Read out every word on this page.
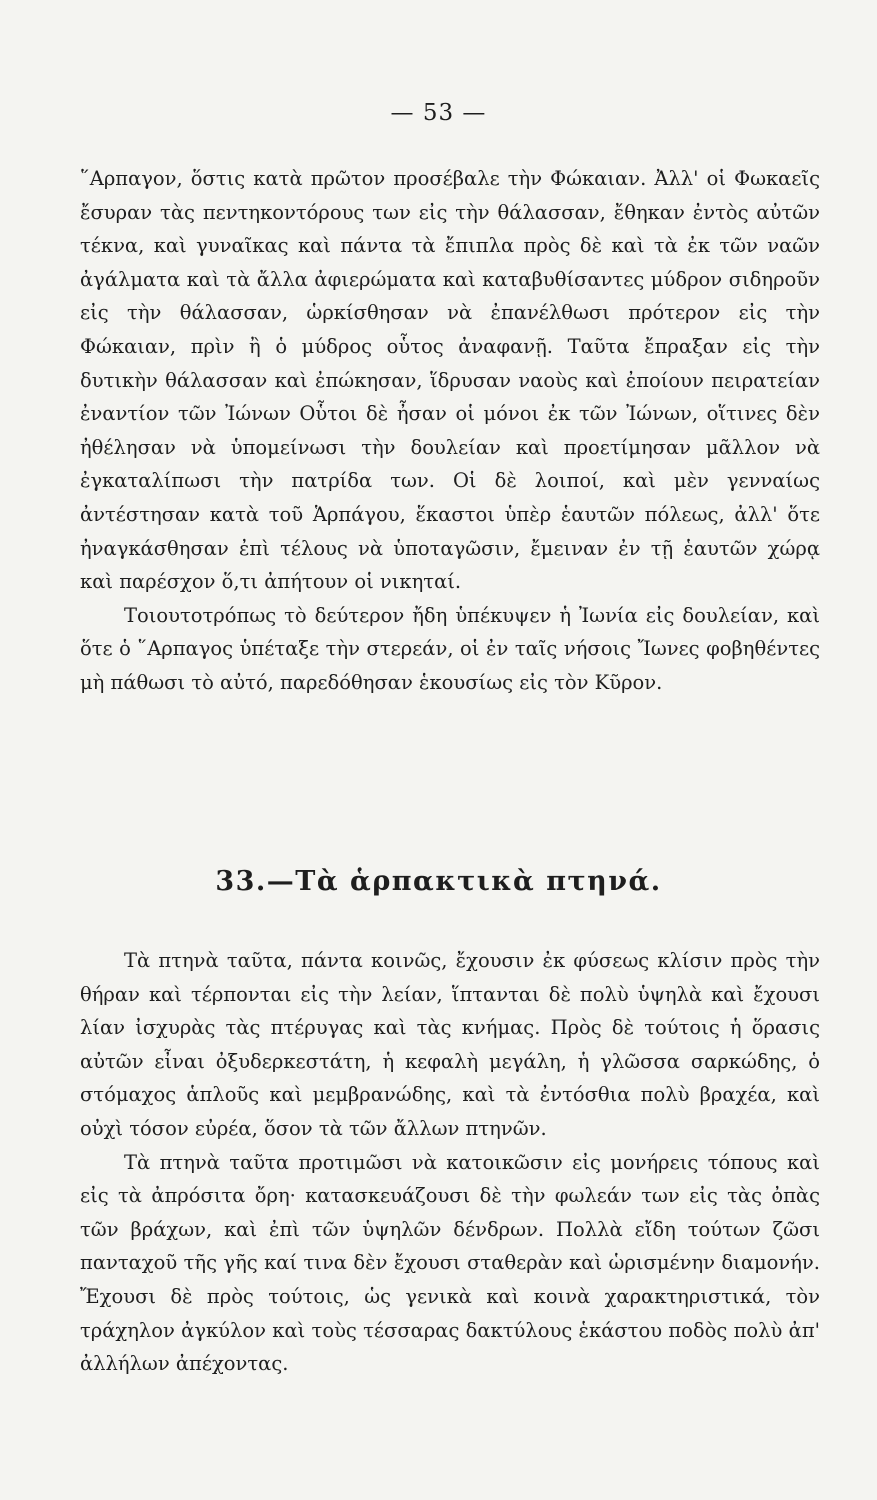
— 53 —

῞Αρπαγον, ὅστις κατὰ πρῶτον προσέβαλε τὴν Φώκαιαν. Ἀλλ' οἱ Φωκαεῖς ἔσυραν τὰς πεντηκοντόρους των εἰς τὴν θάλασσαν, ἔθηκαν ἐντὸς αὐτῶν τέκνα, καὶ γυναῖκας καὶ πάντα τὰ ἔπιπλα πρὸς δὲ καὶ τὰ ἐκ τῶν ναῶν ἀγάλματα καὶ τὰ ἄλλα ἀφιερώματα καὶ καταβυθίσαντες μύδρον σιδηροῦν εἰς τὴν θάλασσαν, ὡρκίσθησαν νὰ ἐπανέλθωσι πρότερον εἰς τὴν Φώκαιαν, πρὶν ἢ ὁ μύδρος οὗτος ἀναφανῇ. Ταῦτα ἔπραξαν εἰς τὴν δυτικὴν θάλασσαν καὶ ἐπώκησαν, ἵδρυσαν ναοὺς καὶ ἐποίουν πειρατείαν ἐναντίον τῶν Ἰώνων Οὗτοι δὲ ἦσαν οἱ μόνοι ἐκ τῶν Ἰώνων, οἵτινες δὲν ἠθέλησαν νὰ ὑπομείνωσι τὴν δουλείαν καὶ προετίμησαν μᾶλλον νὰ ἐγκαταλίπωσι τὴν πατρίδα των. Οἱ δὲ λοιποί, καὶ μὲν γενναίως ἀντέστησαν κατὰ τοῦ Ἁρπάγου, ἕκαστοι ὑπὲρ ἑαυτῶν πόλεως, ἀλλ' ὅτε ἠναγκάσθησαν ἐπὶ τέλους νὰ ὑποταγῶσιν, ἔμειναν ἐν τῇ ἑαυτῶν χώρᾳ καὶ παρέσχον ὅ,τι ἀπήτουν οἱ νικηταί.

Τοιουτοτρόπως τὸ δεύτερον ἤδη ὑπέκυψεν ἡ Ἰωνία εἰς δουλείαν, καὶ ὅτε ὁ ῞Αρπαγος ὑπέταξε τὴν στερεάν, οἱ ἐν ταῖς νήσοις Ἴωνες φοβηθέντες μὴ πάθωσι τὸ αὐτό, παρεδόθησαν ἑκουσίως εἰς τὸν Κῦρον.

33.—Τὰ ἁρπακτικὰ πτηνά.

Τὰ πτηνὰ ταῦτα, πάντα κοινῶς, ἔχουσιν ἐκ φύσεως κλίσιν πρὸς τὴν θήραν καὶ τέρπονται εἰς τὴν λείαν, ἵπτανται δὲ πολὺ ὑψηλὰ καὶ ἔχουσι λίαν ἰσχυρὰς τὰς πτέρυγας καὶ τὰς κνήμας. Πρὸς δὲ τούτοις ἡ ὅρασις αὐτῶν εἶναι ὀξυδερκεστάτη, ἡ κεφαλὴ μεγάλη, ἡ γλῶσσα σαρκώδης, ὁ στόμαχος ἁπλοῦς καὶ μεμβρανώδης, καὶ τὰ ἐντόσθια πολὺ βραχέα, καὶ οὐχὶ τόσον εὐρέα, ὅσον τὰ τῶν ἄλλων πτηνῶν.

Τὰ πτηνὰ ταῦτα προτιμῶσι νὰ κατοικῶσιν εἰς μονήρεις τόπους καὶ εἰς τὰ ἀπρόσιτα ὄρη· κατασκευάζουσι δὲ τὴν φωλεάν των εἰς τὰς ὀπὰς τῶν βράχων, καὶ ἐπὶ τῶν ὑψηλῶν δένδρων. Πολλὰ εἴδη τούτων ζῶσι πανταχοῦ τῆς γῆς καί τινα δὲν ἔχουσι σταθερὰν καὶ ὡρισμένην διαμονήν. Ἔχουσι δὲ πρὸς τούτοις, ὡς γενικὰ καὶ κοινὰ χαρακτηριστικά, τὸν τράχηλον ἀγκύλον καὶ τοὺς τέσσαρας δακτύλους ἑκάστου ποδὸς πολὺ ἀπ' ἀλλήλων ἀπέχοντας.
